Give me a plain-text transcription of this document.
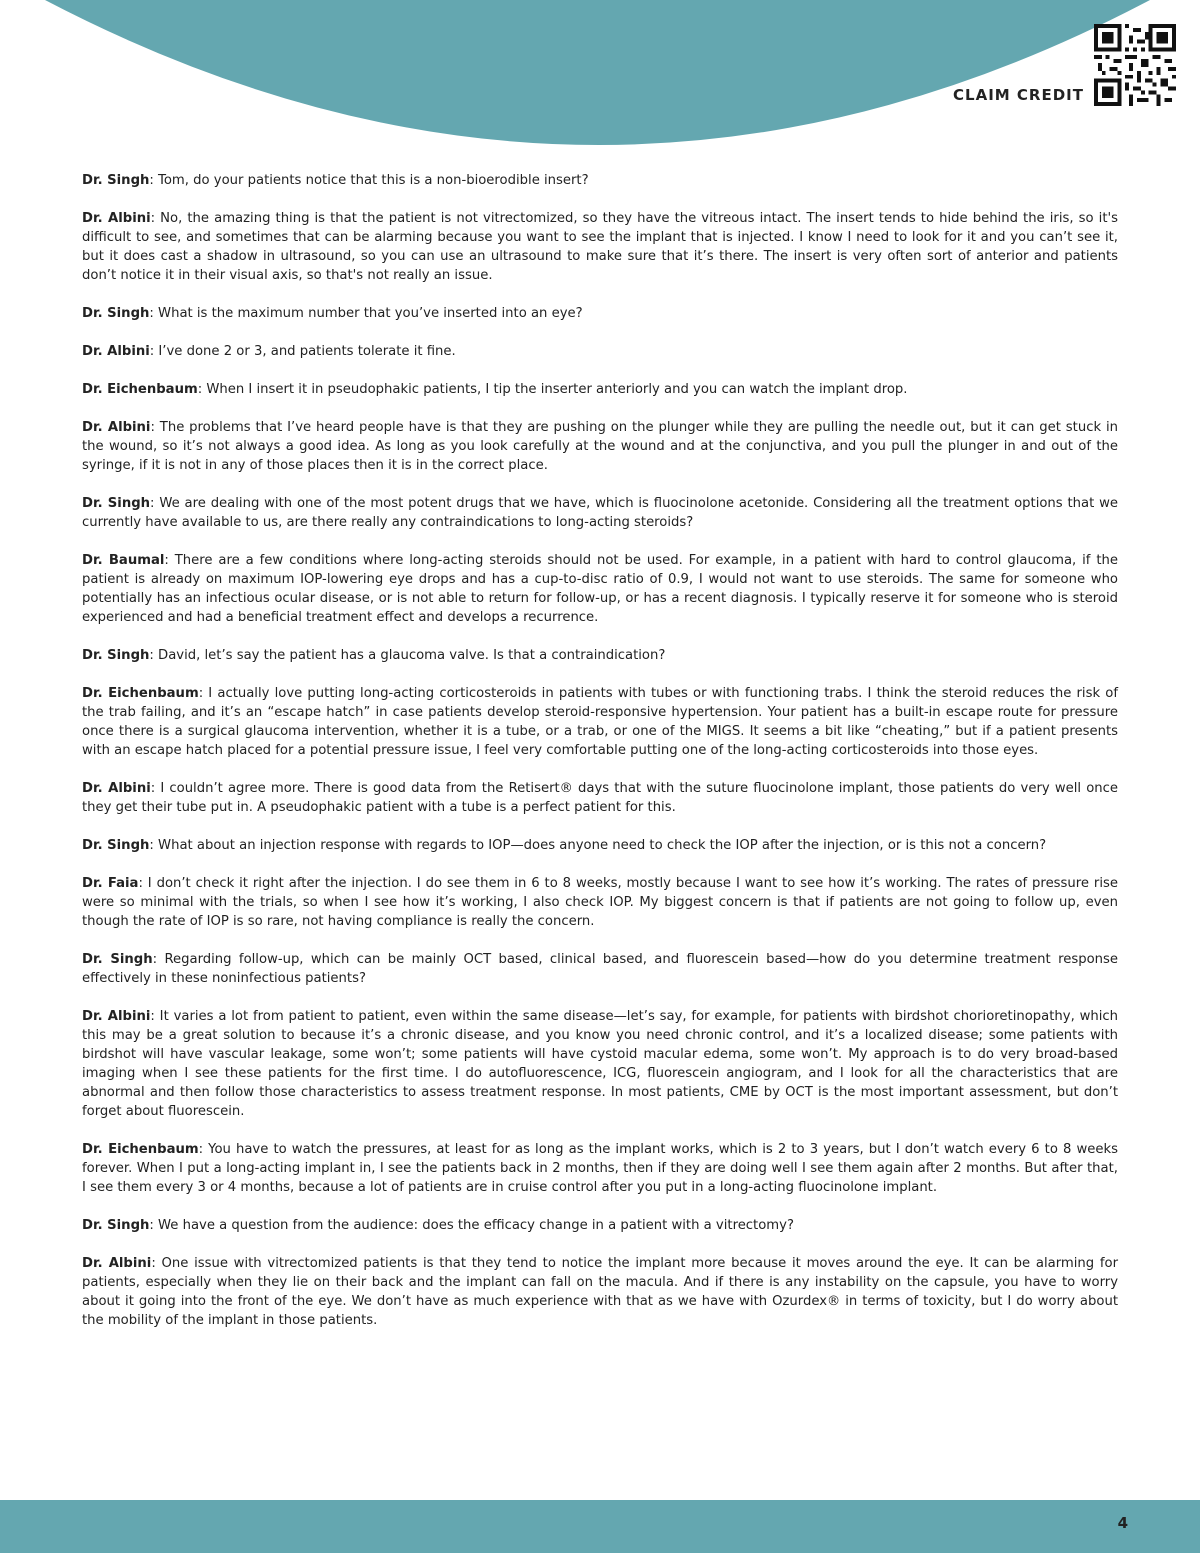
CLAIM CREDIT

Dr. Singh: Tom, do your patients notice that this is a non-bioerodible insert?

Dr. Albini: No, the amazing thing is that the patient is not vitrectomized, so they have the vitreous intact. The insert tends to hide behind the iris, so it's difficult to see, and sometimes that can be alarming because you want to see the implant that is injected. I know I need to look for it and you can’t see it, but it does cast a shadow in ultrasound, so you can use an ultrasound to make sure that it’s there. The insert is very often sort of anterior and patients don’t notice it in their visual axis, so that's not really an issue.

Dr. Singh: What is the maximum number that you’ve inserted into an eye?

Dr. Albini: I’ve done 2 or 3, and patients tolerate it fine.

Dr. Eichenbaum: When I insert it in pseudophakic patients, I tip the inserter anteriorly and you can watch the implant drop.

Dr. Albini: The problems that I’ve heard people have is that they are pushing on the plunger while they are pulling the needle out, but it can get stuck in the wound, so it’s not always a good idea. As long as you look carefully at the wound and at the conjunctiva, and you pull the plunger in and out of the syringe, if it is not in any of those places then it is in the correct place.

Dr. Singh: We are dealing with one of the most potent drugs that we have, which is fluocinolone acetonide. Considering all the treatment options that we currently have available to us, are there really any contraindications to long-acting steroids?

Dr. Baumal: There are a few conditions where long-acting steroids should not be used. For example, in a patient with hard to control glaucoma, if the patient is already on maximum IOP-lowering eye drops and has a cup-to-disc ratio of 0.9, I would not want to use steroids. The same for someone who potentially has an infectious ocular disease, or is not able to return for follow-up, or has a recent diagnosis. I typically reserve it for someone who is steroid experienced and had a beneficial treatment effect and develops a recurrence.

Dr. Singh: David, let’s say the patient has a glaucoma valve. Is that a contraindication?

Dr. Eichenbaum: I actually love putting long-acting corticosteroids in patients with tubes or with functioning trabs. I think the steroid reduces the risk of the trab failing, and it’s an “escape hatch” in case patients develop steroid-responsive hypertension. Your patient has a built-in escape route for pressure once there is a surgical glaucoma intervention, whether it is a tube, or a trab, or one of the MIGS. It seems a bit like “cheating,” but if a patient presents with an escape hatch placed for a potential pressure issue, I feel very comfortable putting one of the long-acting corticosteroids into those eyes.

Dr. Albini: I couldn’t agree more. There is good data from the Retisert® days that with the suture fluocinolone implant, those patients do very well once they get their tube put in. A pseudophakic patient with a tube is a perfect patient for this.

Dr. Singh: What about an injection response with regards to IOP—does anyone need to check the IOP after the injection, or is this not a concern?

Dr. Faia: I don’t check it right after the injection. I do see them in 6 to 8 weeks, mostly because I want to see how it’s working. The rates of pressure rise were so minimal with the trials, so when I see how it’s working, I also check IOP. My biggest concern is that if patients are not going to follow up, even though the rate of IOP is so rare, not having compliance is really the concern.

Dr. Singh: Regarding follow-up, which can be mainly OCT based, clinical based, and fluorescein based—how do you determine treatment response effectively in these noninfectious patients?

Dr. Albini: It varies a lot from patient to patient, even within the same disease—let’s say, for example, for patients with birdshot chorioretinopathy, which this may be a great solution to because it’s a chronic disease, and you know you need chronic control, and it’s a localized disease; some patients with birdshot will have vascular leakage, some won’t; some patients will have cystoid macular edema, some won’t. My approach is to do very broad-based imaging when I see these patients for the first time. I do autofluorescence, ICG, fluorescein angiogram, and I look for all the characteristics that are abnormal and then follow those characteristics to assess treatment response. In most patients, CME by OCT is the most important assessment, but don’t forget about fluorescein.

Dr. Eichenbaum: You have to watch the pressures, at least for as long as the implant works, which is 2 to 3 years, but I don’t watch every 6 to 8 weeks forever. When I put a long-acting implant in, I see the patients back in 2 months, then if they are doing well I see them again after 2 months. But after that, I see them every 3 or 4 months, because a lot of patients are in cruise control after you put in a long-acting fluocinolone implant.

Dr. Singh: We have a question from the audience: does the efficacy change in a patient with a vitrectomy?

Dr. Albini: One issue with vitrectomized patients is that they tend to notice the implant more because it moves around the eye. It can be alarming for patients, especially when they lie on their back and the implant can fall on the macula. And if there is any instability on the capsule, you have to worry about it going into the front of the eye. We don’t have as much experience with that as we have with Ozurdex® in terms of toxicity, but I do worry about the mobility of the implant in those patients.

4
